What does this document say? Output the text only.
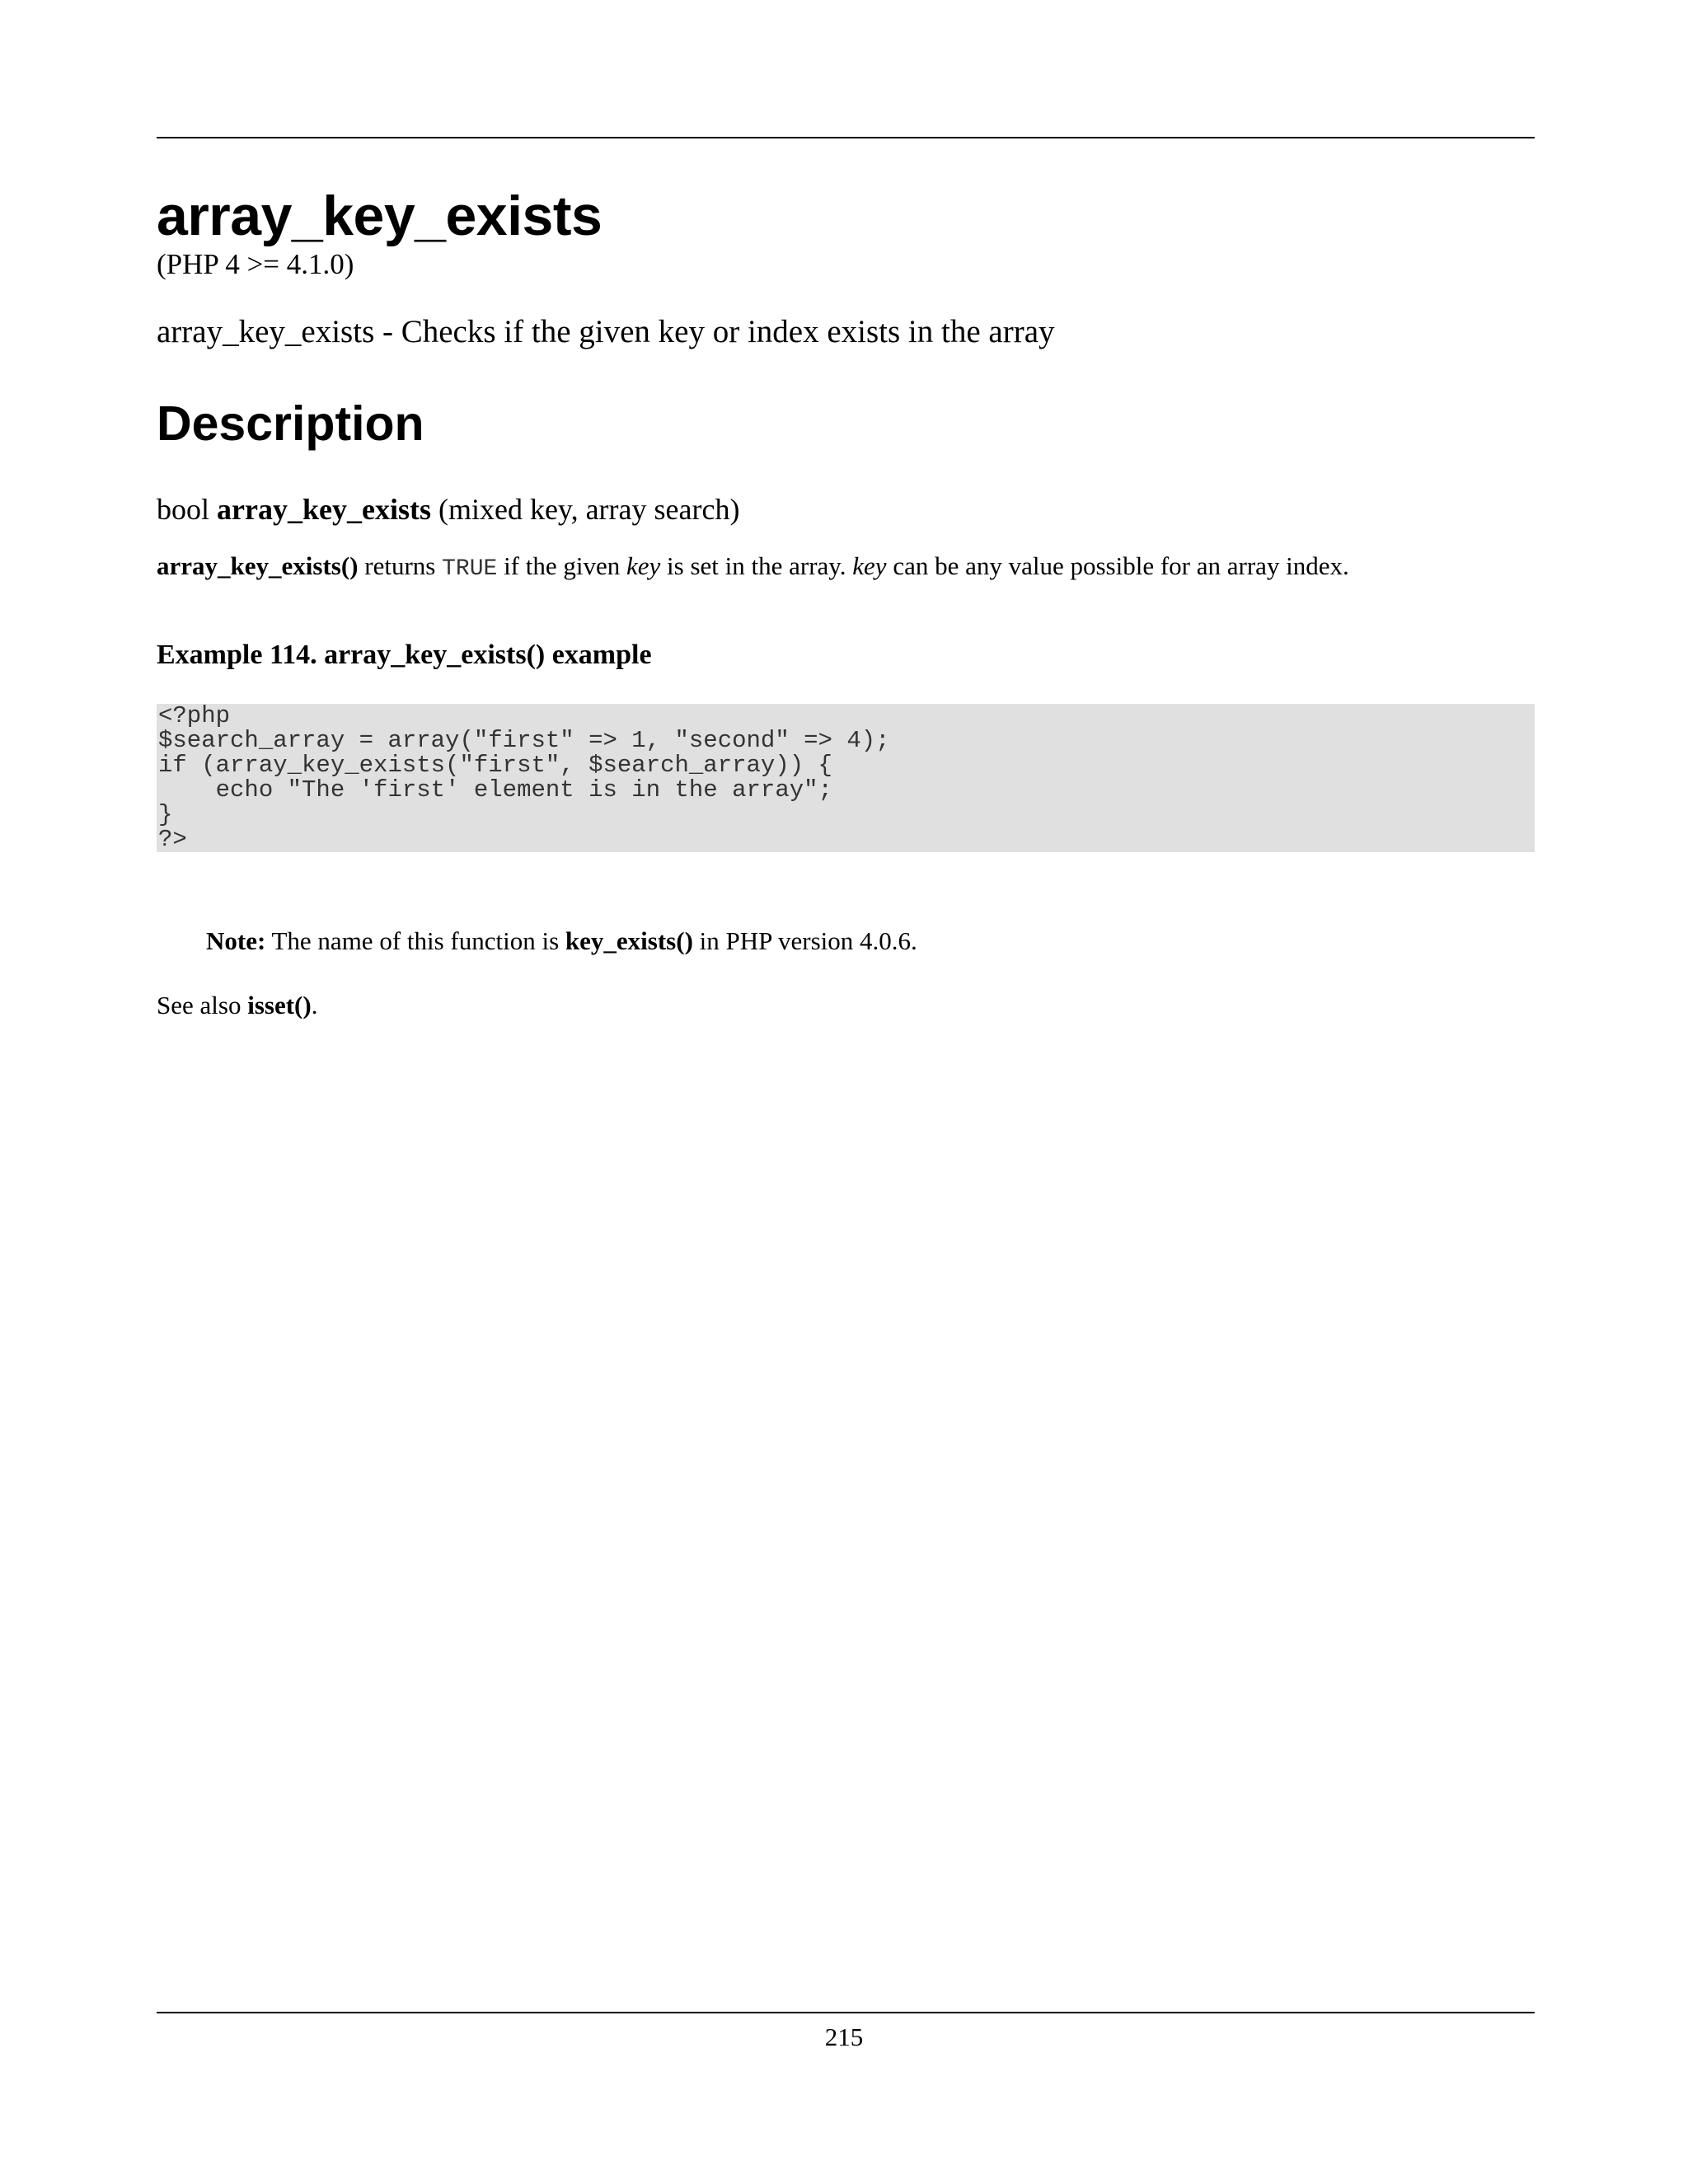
array_key_exists

(PHP 4 >= 4.1.0)

array_key_exists - Checks if the given key or index exists in the array

Description

bool array_key_exists (mixed key, array search)

array_key_exists() returns TRUE if the given key is set in the array. key can be any value possible for an array index.

Example 114. array_key_exists() example

<?php
$search_array = array("first" => 1, "second" => 4);
if (array_key_exists("first", $search_array)) {
echo "The 'first' element is in the array";
}
?>

Note: The name of this function is key_exists() in PHP version 4.0.6.

See also isset().

215
